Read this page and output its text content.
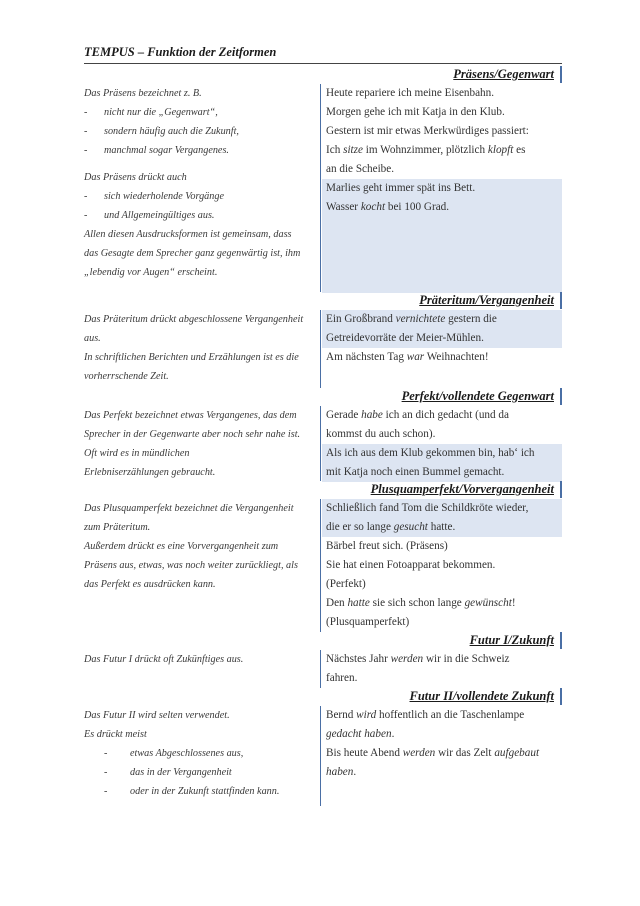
TEMPUS – Funktion der Zeitformen
Präsens/Gegenwart
Das Präsens bezeichnet z. B.
- nicht nur die „Gegenwart“,
- sondern häufig auch die Zukunft,
- manchmal sogar Vergangenes.
Das Präsens drückt auch
- sich wiederholende Vorgänge
- und Allgemeingültiges aus.
Allen diesen Ausdrucksformen ist gemeinsam, dass
das Gesagte dem Sprecher ganz gegenwärtig ist, ihm
„lebendig vor Augen“ erscheint.
Heute repariere ich meine Eisenbahn.
Morgen gehe ich mit Katja in den Klub.
Gestern ist mir etwas Merkwürdiges passiert:
Ich sitze im Wohnzimmer, plötzlich klopft es
an die Scheibe.
Marlies geht immer spät ins Bett.
Wasser kocht bei 100 Grad.
Präteritum/Vergangenheit
Das Präteritum drückt abgeschlossene Vergangenheit
aus.
In schriftlichen Berichten und Erzählungen ist es die
vorherrschende Zeit.
Ein Großbrand vernichtete gestern die
Getreidevorräte der Meier-Mühlen.
Am nächsten Tag war Weihnachten!
Perfekt/vollendete Gegenwart
Das Perfekt bezeichnet etwas Vergangenes, das dem
Sprecher in der Gegenwarte aber noch sehr nahe ist.
Oft wird es in mündlichen
Erlebniserzählungen gebraucht.
Gerade habe ich an dich gedacht (und da
kommst du auch schon).
Als ich aus dem Klub gekommen bin, hab‘ ich
mit Katja noch einen Bummel gemacht.
Plusquamperfekt/Vorvergangenheit
Das Plusquamperfekt bezeichnet die Vergangenheit
zum Präteritum.
Außerdem drückt es eine Vorvergangenheit zum
Präsens aus, etwas, was noch weiter zurückliegt, als
das Perfekt es ausdrücken kann.
Schließlich fand Tom die Schildkröte wieder,
die er so lange gesucht hatte.
Bärbel freut sich. (Präsens)
Sie hat einen Fotoapparat bekommen.
(Perfekt)
Den hatte sie sich schon lange gewünscht!
(Plusquamperfekt)
Futur I/Zukunft
Das Futur I drückt oft Zukünftiges aus.	Nächstes Jahr werden wir in die Schweiz
fahren.
Futur II/vollendete Zukunft
Das Futur II wird selten verwendet.
Es drückt meist
- etwas Abgeschlossenes aus,
- das in der Vergangenheit
- oder in der Zukunft stattfinden kann.
Bernd wird hoffentlich an die Taschenlampe
gedacht haben.
Bis heute Abend werden wir das Zelt aufgebaut
haben.
